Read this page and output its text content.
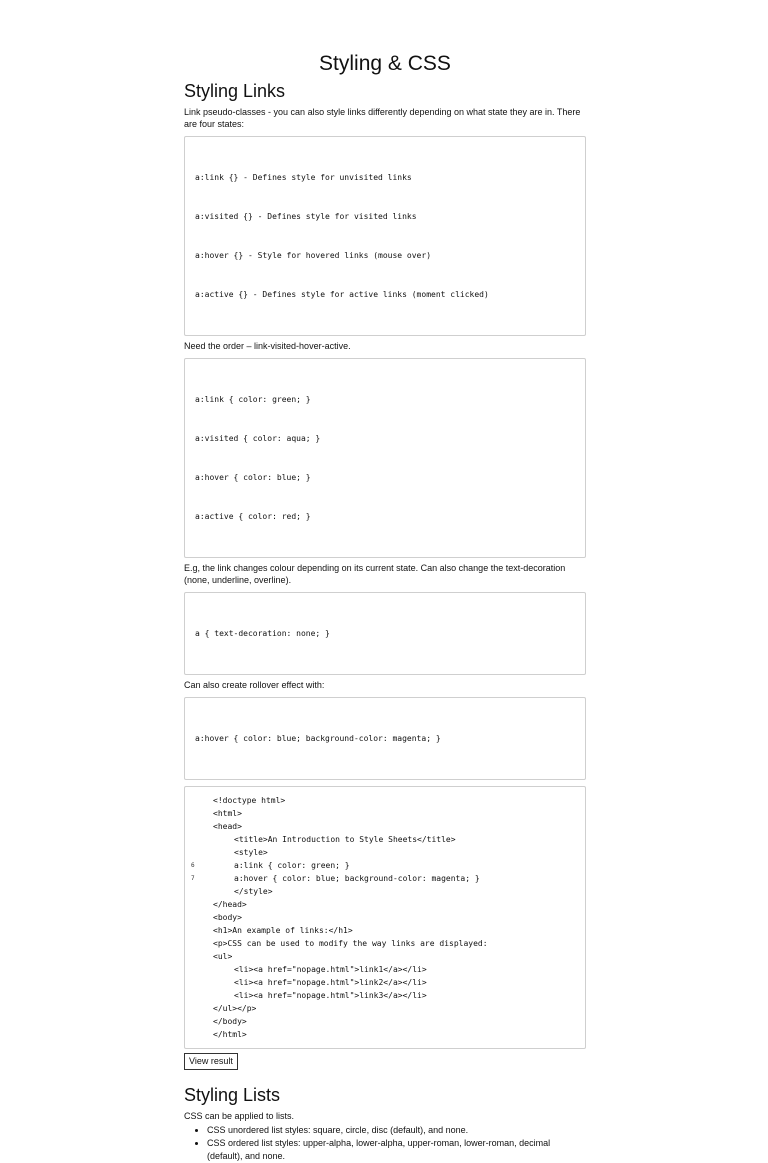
Styling & CSS
Styling Links

Link pseudo-classes - you can also style links differently depending on what state they are in. There are four states:

a:link {} - Defines style for unvisited links

a:visited {} - Defines style for visited links

a:hover {} - Style for hovered links (mouse over)

a:active {} - Defines style for active links (moment clicked)

Need the order – link-visited-hover-active.

a:link { color: green; }

a:visited { color: aqua; }

a:hover { color: blue; }

a:active { color: red; }

E.g, the link changes colour depending on its current state. Can also change the text-decoration (none, underline, overline).

a { text-decoration: none; }

Can also create rollover effect with:

a:hover { color: blue; background-color: magenta; }

<!doctype html>
<html>
<head>
<title>An Introduction to Style Sheets</title>
<style>
6	a:link { color: green; }
7	a:hover { color: blue; background-color: magenta; }
</style>
</head>
<body>
<h1>An example of links:</h1>
<p>CSS can be used to modify the way links are displayed:
<ul>
<li><a href="nopage.html">link1</a></li>
<li><a href="nopage.html">link2</a></li>
<li><a href="nopage.html">link3</a></li>
</ul></p>
</body>
</html>
View result
Styling Lists

CSS can be applied to lists.

• CSS unordered list styles: square, circle, disc (default), and none.
• CSS ordered list styles: upper-alpha, lower-alpha, upper-roman, lower-roman, decimal (default), and none.
